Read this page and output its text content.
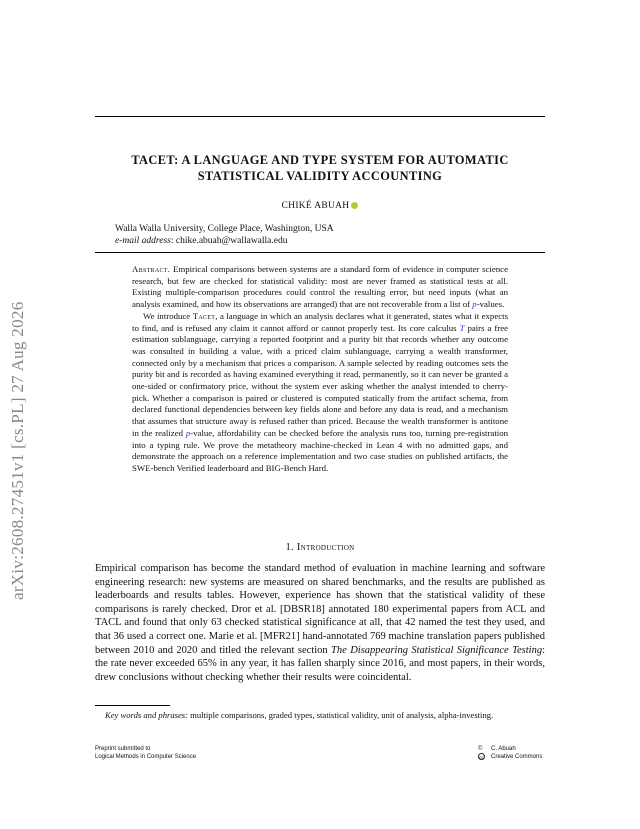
arXiv:2608.27451v1 [cs.PL] 27 Aug 2026
TACET: A LANGUAGE AND TYPE SYSTEM FOR AUTOMATIC STATISTICAL VALIDITY ACCOUNTING
CHIKÉ ABUAH
Walla Walla University, College Place, Washington, USA
e-mail address: chike.abuah@wallawalla.edu

Abstract. Empirical comparisons between systems are a standard form of evidence in computer science research, but few are checked for statistical validity: most are never framed as statistical tests at all. Existing multiple-comparison procedures could control the resulting error, but need inputs (what an analysis examined, and how its observations are arranged) that are not recoverable from a list of p-values.

We introduce Tacet, a language in which an analysis declares what it generated, states what it expects to find, and is refused any claim it cannot afford or cannot properly test. Its core calculus T pairs a free estimation sublanguage, carrying a reported footprint and a purity bit that records whether any outcome was consulted in building a value, with a priced claim sublanguage, carrying a wealth transformer, connected only by a mechanism that prices a comparison. A sample selected by reading outcomes sets the purity bit and is recorded as having examined everything it read, permanently, so it can never be granted a one-sided or confirmatory price, without the system ever asking whether the analyst intended to cherry-pick. Whether a comparison is paired or clustered is computed statically from the artifact schema, from declared functional dependencies between key fields alone and before any data is read, and a mechanism that assumes that structure away is refused rather than priced. Because the wealth transformer is antitone in the realized p-value, affordability can be checked before the analysis runs too, turning pre-registration into a typing rule. We prove the metatheory machine-checked in Lean 4 with no admitted gaps, and demonstrate the approach on a reference implementation and two case studies on published artifacts, the SWE-bench Verified leaderboard and BIG-Bench Hard.

1. Introduction

Empirical comparison has become the standard method of evaluation in machine learning and software engineering research: new systems are measured on shared benchmarks, and the results are published as leaderboards and results tables. However, experience has shown that the statistical validity of these comparisons is rarely checked. Dror et al. [DBSR18] annotated 180 experimental papers from ACL and TACL and found that only 63 checked statistical significance at all, that 42 named the test they used, and that 36 used a correct one. Marie et al. [MFR21] hand-annotated 769 machine translation papers published between 2010 and 2020 and titled the relevant section The Disappearing Statistical Significance Testing: the rate never exceeded 65% in any year, it has fallen sharply since 2016, and most papers, in their words, drew conclusions without checking whether their results were coincidental.

Key words and phrases: multiple comparisons, graded types, statistical validity, unit of analysis, alpha-investing.
Preprint submitted to
Logical Methods in Computer Science
© C. Abuah
cc Creative Commons
